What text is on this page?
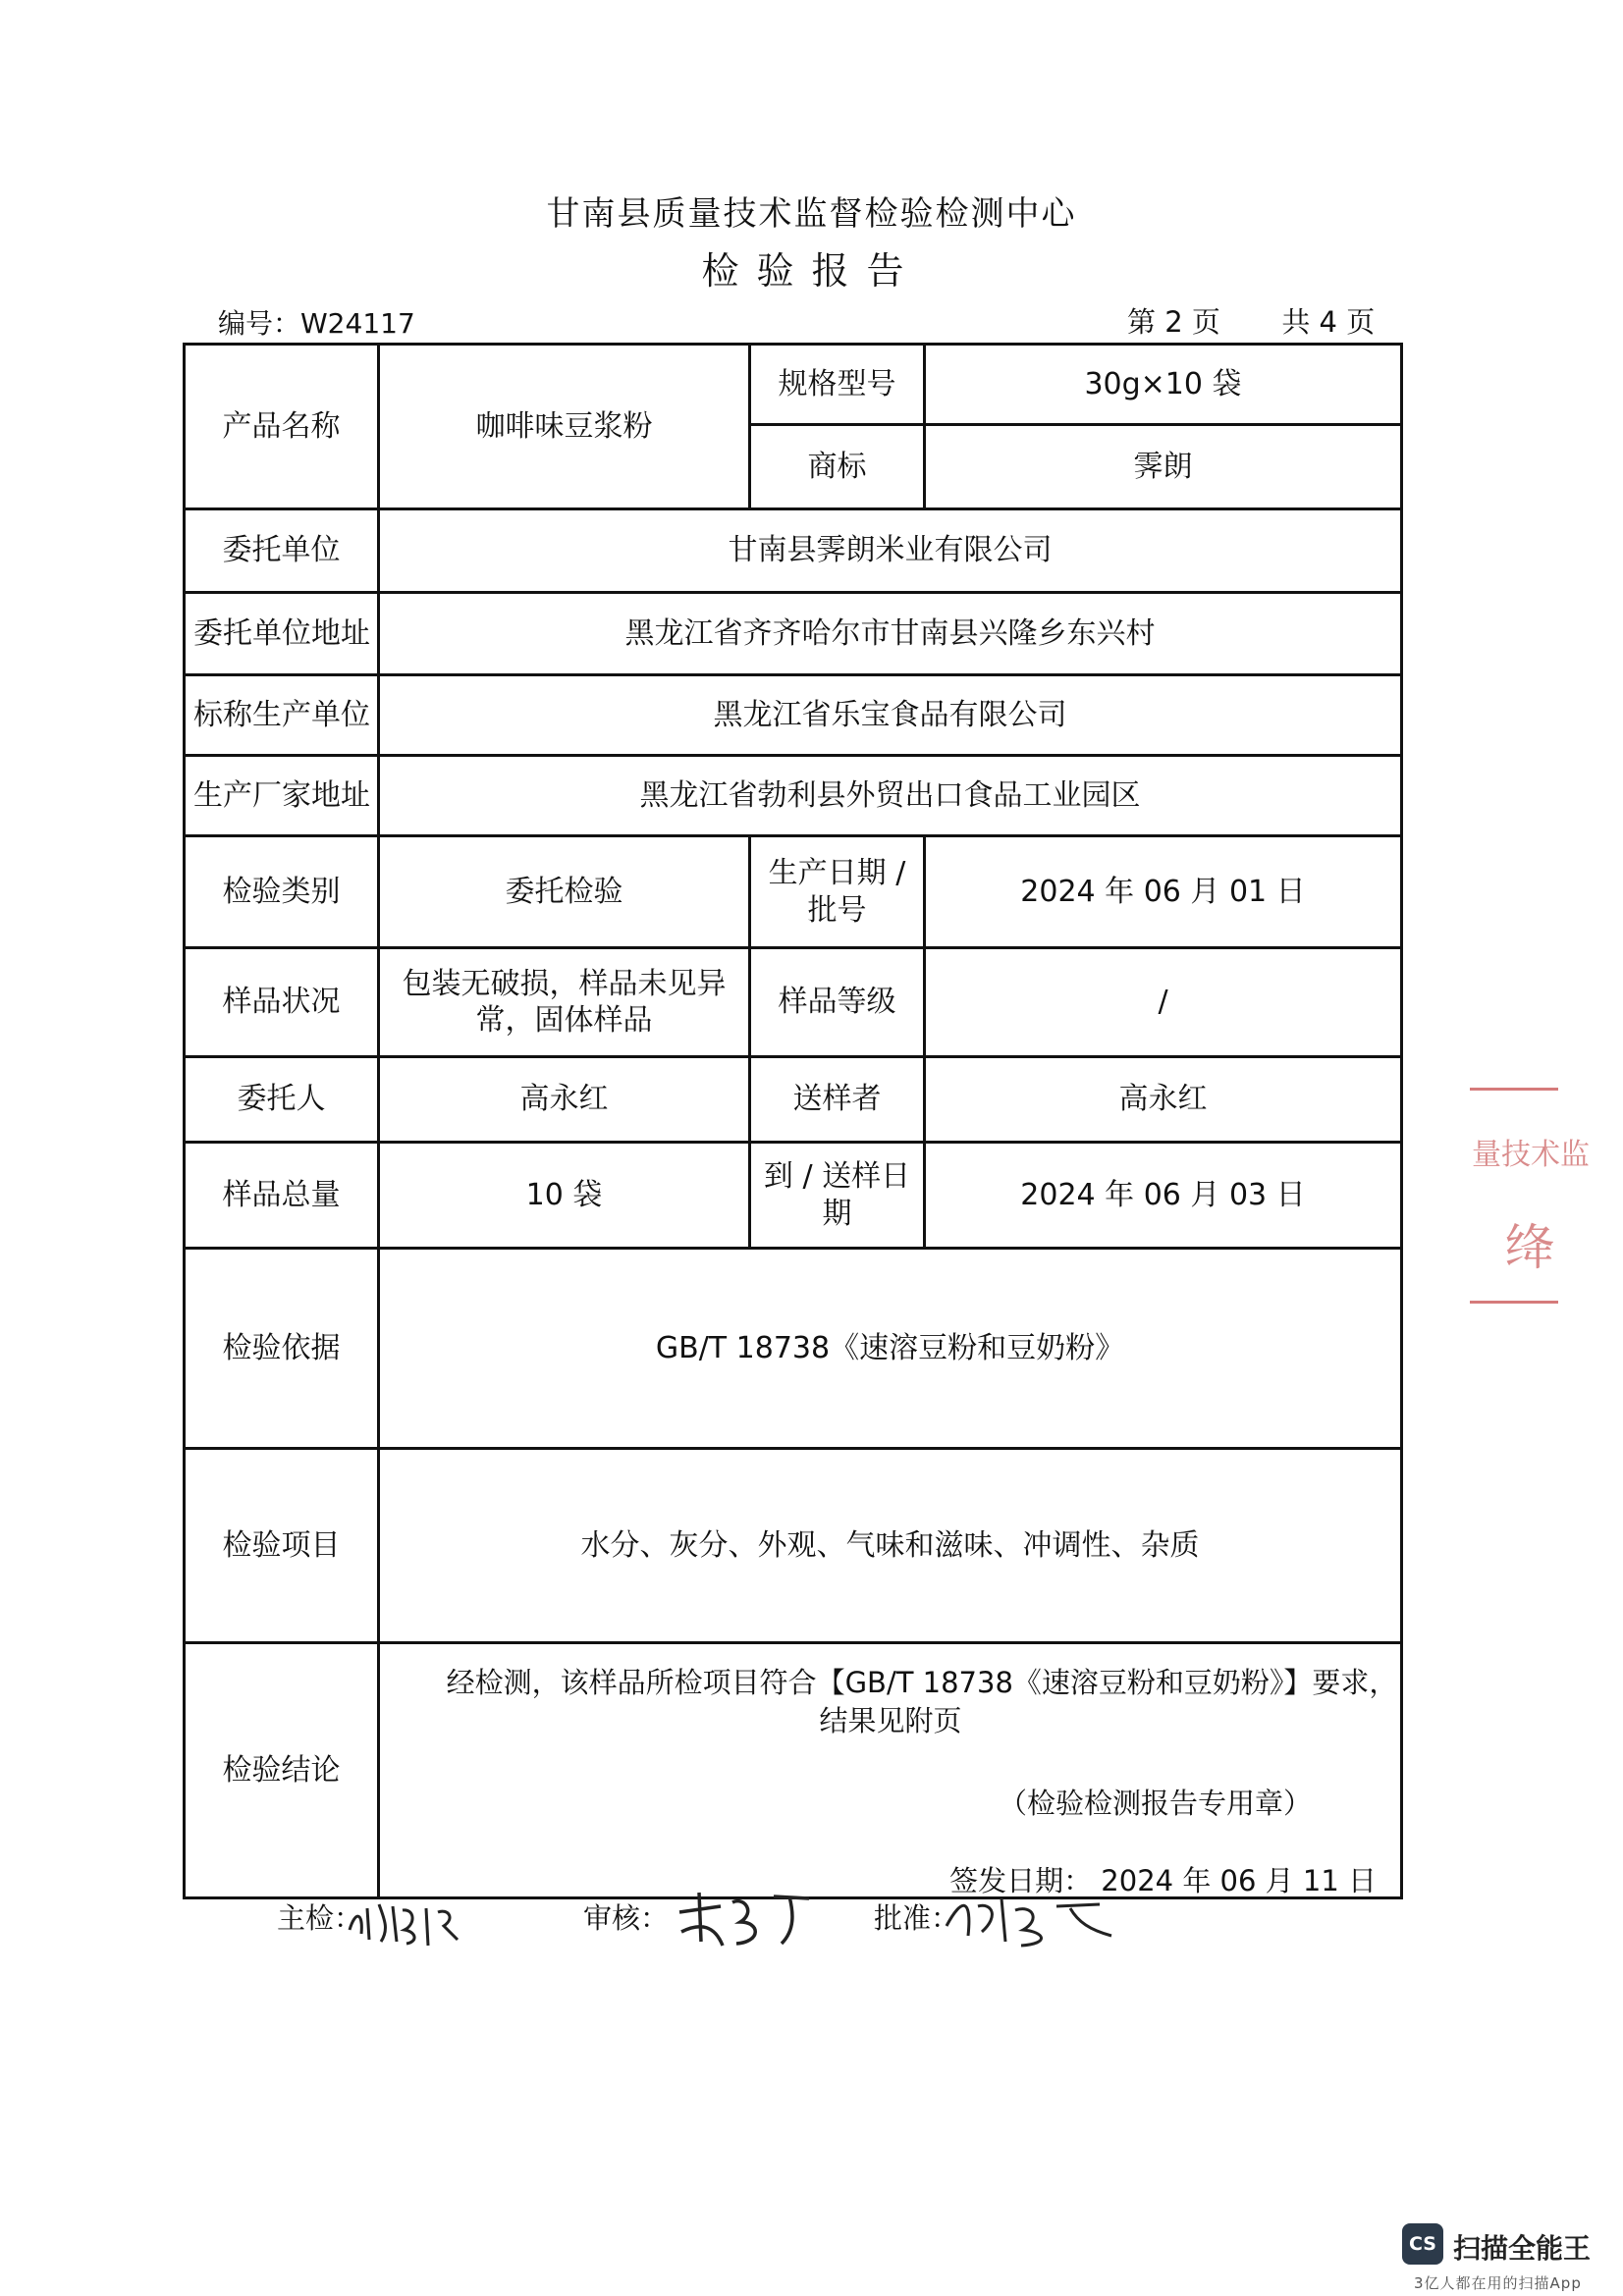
甘南县质量技术监督检验检测中心
检验报告
编号：W24117	第 2 页 共 4 页
产品名称	咖啡味豆浆粉	规格型号	30g×10 袋
		商标	霁朗
委托单位	甘南县霁朗米业有限公司		
委托单位地址	黑龙江省齐齐哈尔市甘南县兴隆乡东兴村		
标称生产单位	黑龙江省乐宝食品有限公司		
生产厂家地址	黑龙江省勃利县外贸出口食品工业园区		
检验类别	委托检验	生产日期 / 批号	2024 年 06 月 01 日
样品状况	包装无破损，样品未见异常，固体样品	样品等级	/
委托人	高永红	送样者	高永红
样品总量	10 袋	到 / 送样日期	2024 年 06 月 03 日
检验依据	GB/T 18738《速溶豆粉和豆奶粉》		
检验项目	水分、灰分、外观、气味和滋味、冲调性、杂质		
检验结论	经检测，该样品所检项目符合【GB/T 18738《速溶豆粉和豆奶粉》】要求，结果见附页
（检验检测报告专用章）
签发日期： 2024 年 06 月 11 日		
主检：	审核：	批准：
量技术监
绛
CS 扫描全能王
3亿人都在用的扫描App
